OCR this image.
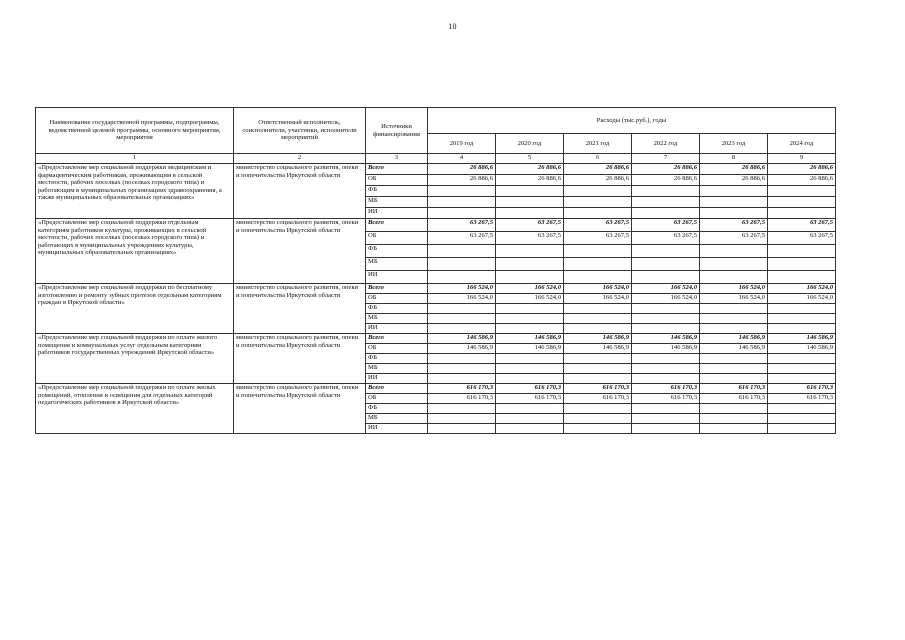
10
Наименование государственной программы, подпрограммы, ведомственной целевой программы, основного мероприятия, мероприятия	Ответственный исполнитель, соисполнители, участники, исполнители мероприятий	Источники финансирования	Расходы (тыс.руб.), годы					
			2019 год	2020 год	2021 год	2022 год	2023 год	2024 год
1	2	3	4	5	6	7	8	9
«Предоставление мер социальной поддержки медицинским и фармацевтическим работникам, проживающим в сельской местности, рабочих поселках (поселках городского типа) и работающим в муниципальных организациях здравоохранения, а также муниципальных образовательных организациях»	министерство социального развития, опеки и попечительства Иркутской области	Всего	26 886,6	26 886,6	26 886,6	26 886,6	26 886,6	26 886,6
		ОБ	26 886,6	26 886,6	26 886,6	26 886,6	26 886,6	26 886,6
		ФБ						
		МБ						
		ИИ						
«Предоставление мер социальной поддержки отдельным категориям работников культуры, проживающих в сельской местности, рабочих поселках (поселках городского типа) и работающих в муниципальных учреждениях культуры, муниципальных образовательных организациях»	министерство социального развития, опеки и попечительства Иркутской области	Всего	63 267,5	63 267,5	63 267,5	63 267,5	63 267,5	63 267,5
		ОБ	63 267,5	63 267,5	63 267,5	63 267,5	63 267,5	63 267,5
		ФБ						
		МБ						
		ИИ						
«Предоставление мер социальной поддержки по бесплатному изготовлению и ремонту зубных протезов отдельным категориям граждан в Иркутской области»	министерство социального развития, опеки и попечительства Иркутской области	Всего	166 524,0	166 524,0	166 524,0	166 524,0	166 524,0	166 524,0
		ОБ	166 524,0	166 524,0	166 524,0	166 524,0	166 524,0	166 524,0
		ФБ						
		МБ						
		ИИ						
«Предоставление мер социальной поддержки по оплате жилого помещения и коммунальных услуг отдельным категориям работников государственных учреждений Иркутской области»	министерство социального развития, опеки и попечительства Иркутской области	Всего	146 586,9	146 586,9	146 586,9	146 586,9	146 586,9	146 586,9
		ОБ	146 586,9	146 586,9	146 586,9	146 586,9	146 586,9	146 586,9
		ФБ						
		МБ						
		ИИ						
«Предоставление мер социальной поддержки по оплате жилых помещений, отопления и освещения для отдельных категорий педагогических работников в Иркутской области»	министерство социального развития, опеки и попечительства Иркутской области	Всего	616 170,3	616 170,3	616 170,3	616 170,3	616 170,3	616 170,3
		ОБ	616 170,3	616 170,3	616 170,3	616 170,3	616 170,3	616 170,3
		ФБ						
		МБ						
		ИИ						
